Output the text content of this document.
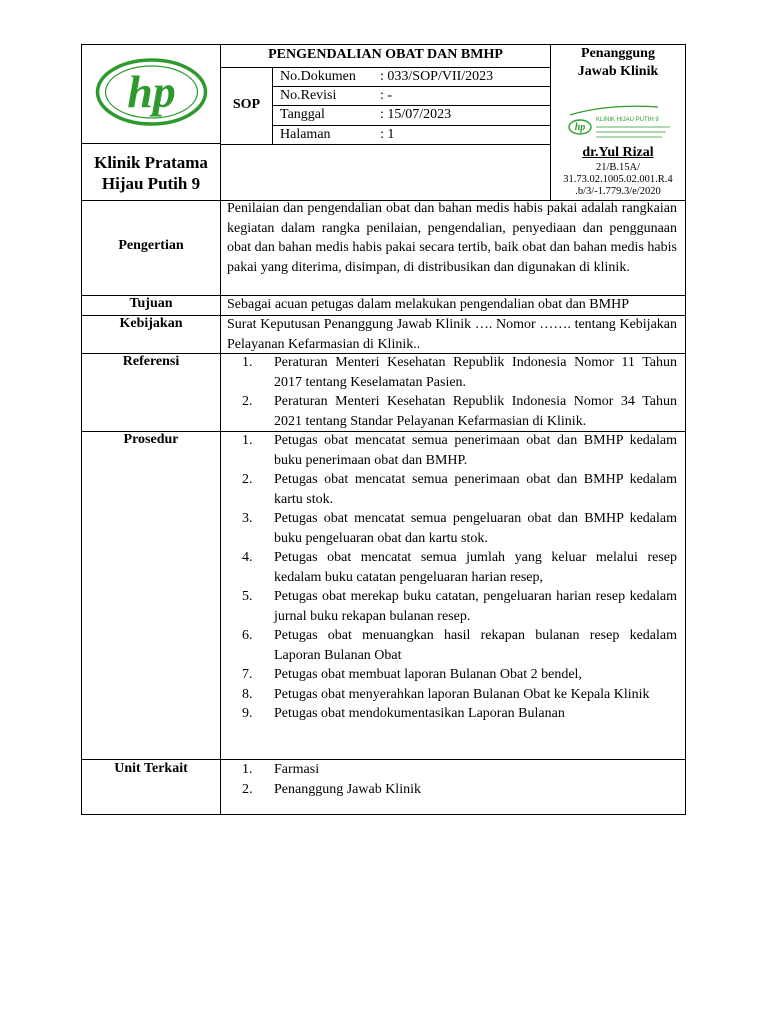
hp
Klinik Pratama
Hijau Putih 9
PENGENDALIAN OBAT DAN BMHP
SOP
No.Dokumen : 033/SOP/VII/2023
No.Revisi	: -
Tanggal	: 15/07/2023
Halaman	: 1
Penanggung
Jawab Klinik
hp
KLINIK HIJAU PUTIH 9
dr.Yul Rizal
21/B.15A/
31.73.02.1005.02.001.R.4
.b/3/-1.779.3/e/2020
Pengertian
Penilaian dan pengendalian obat dan bahan medis habis pakai adalah rangkaian kegiatan dalam rangka penilaian, pengendalian, penyediaan dan penggunaan obat dan bahan medis habis pakai secara tertib, baik obat dan bahan medis habis pakai yang diterima, disimpan, di distribusikan dan digunakan di klinik.
Tujuan	Sebagai acuan petugas dalam melakukan pengendalian obat dan BMHP
Kebijakan	Surat Keputusan Penanggung Jawab Klinik …. Nomor ……. tentang Kebijakan Pelayanan Kefarmasian di Klinik..
Referensi	1.	Peraturan Menteri Kesehatan Republik Indonesia Nomor 11 Tahun 2017 tentang Keselamatan Pasien.
2.	Peraturan Menteri Kesehatan Republik Indonesia Nomor 34 Tahun 2021 tentang Standar Pelayanan Kefarmasian di Klinik.
Prosedur	1.	Petugas obat mencatat semua penerimaan obat dan BMHP kedalam buku penerimaan obat dan BMHP.
2.	Petugas obat mencatat semua penerimaan obat dan BMHP kedalam kartu stok.
3.	Petugas obat mencatat semua pengeluaran obat dan BMHP kedalam buku pengeluaran obat dan kartu stok.
4.	Petugas obat mencatat semua jumlah yang keluar melalui resep kedalam buku catatan pengeluaran harian resep,
5.	Petugas obat merekap buku catatan, pengeluaran harian resep kedalam jurnal buku rekapan bulanan resep.
6.	Petugas obat menuangkan hasil rekapan bulanan resep kedalam Laporan Bulanan Obat
7.	Petugas obat membuat laporan Bulanan Obat 2 bendel,
8.	Petugas obat menyerahkan laporan Bulanan Obat ke Kepala Klinik
9.	Petugas obat mendokumentasikan Laporan Bulanan
Unit Terkait	1.	Farmasi
2.	Penanggung Jawab Klinik
